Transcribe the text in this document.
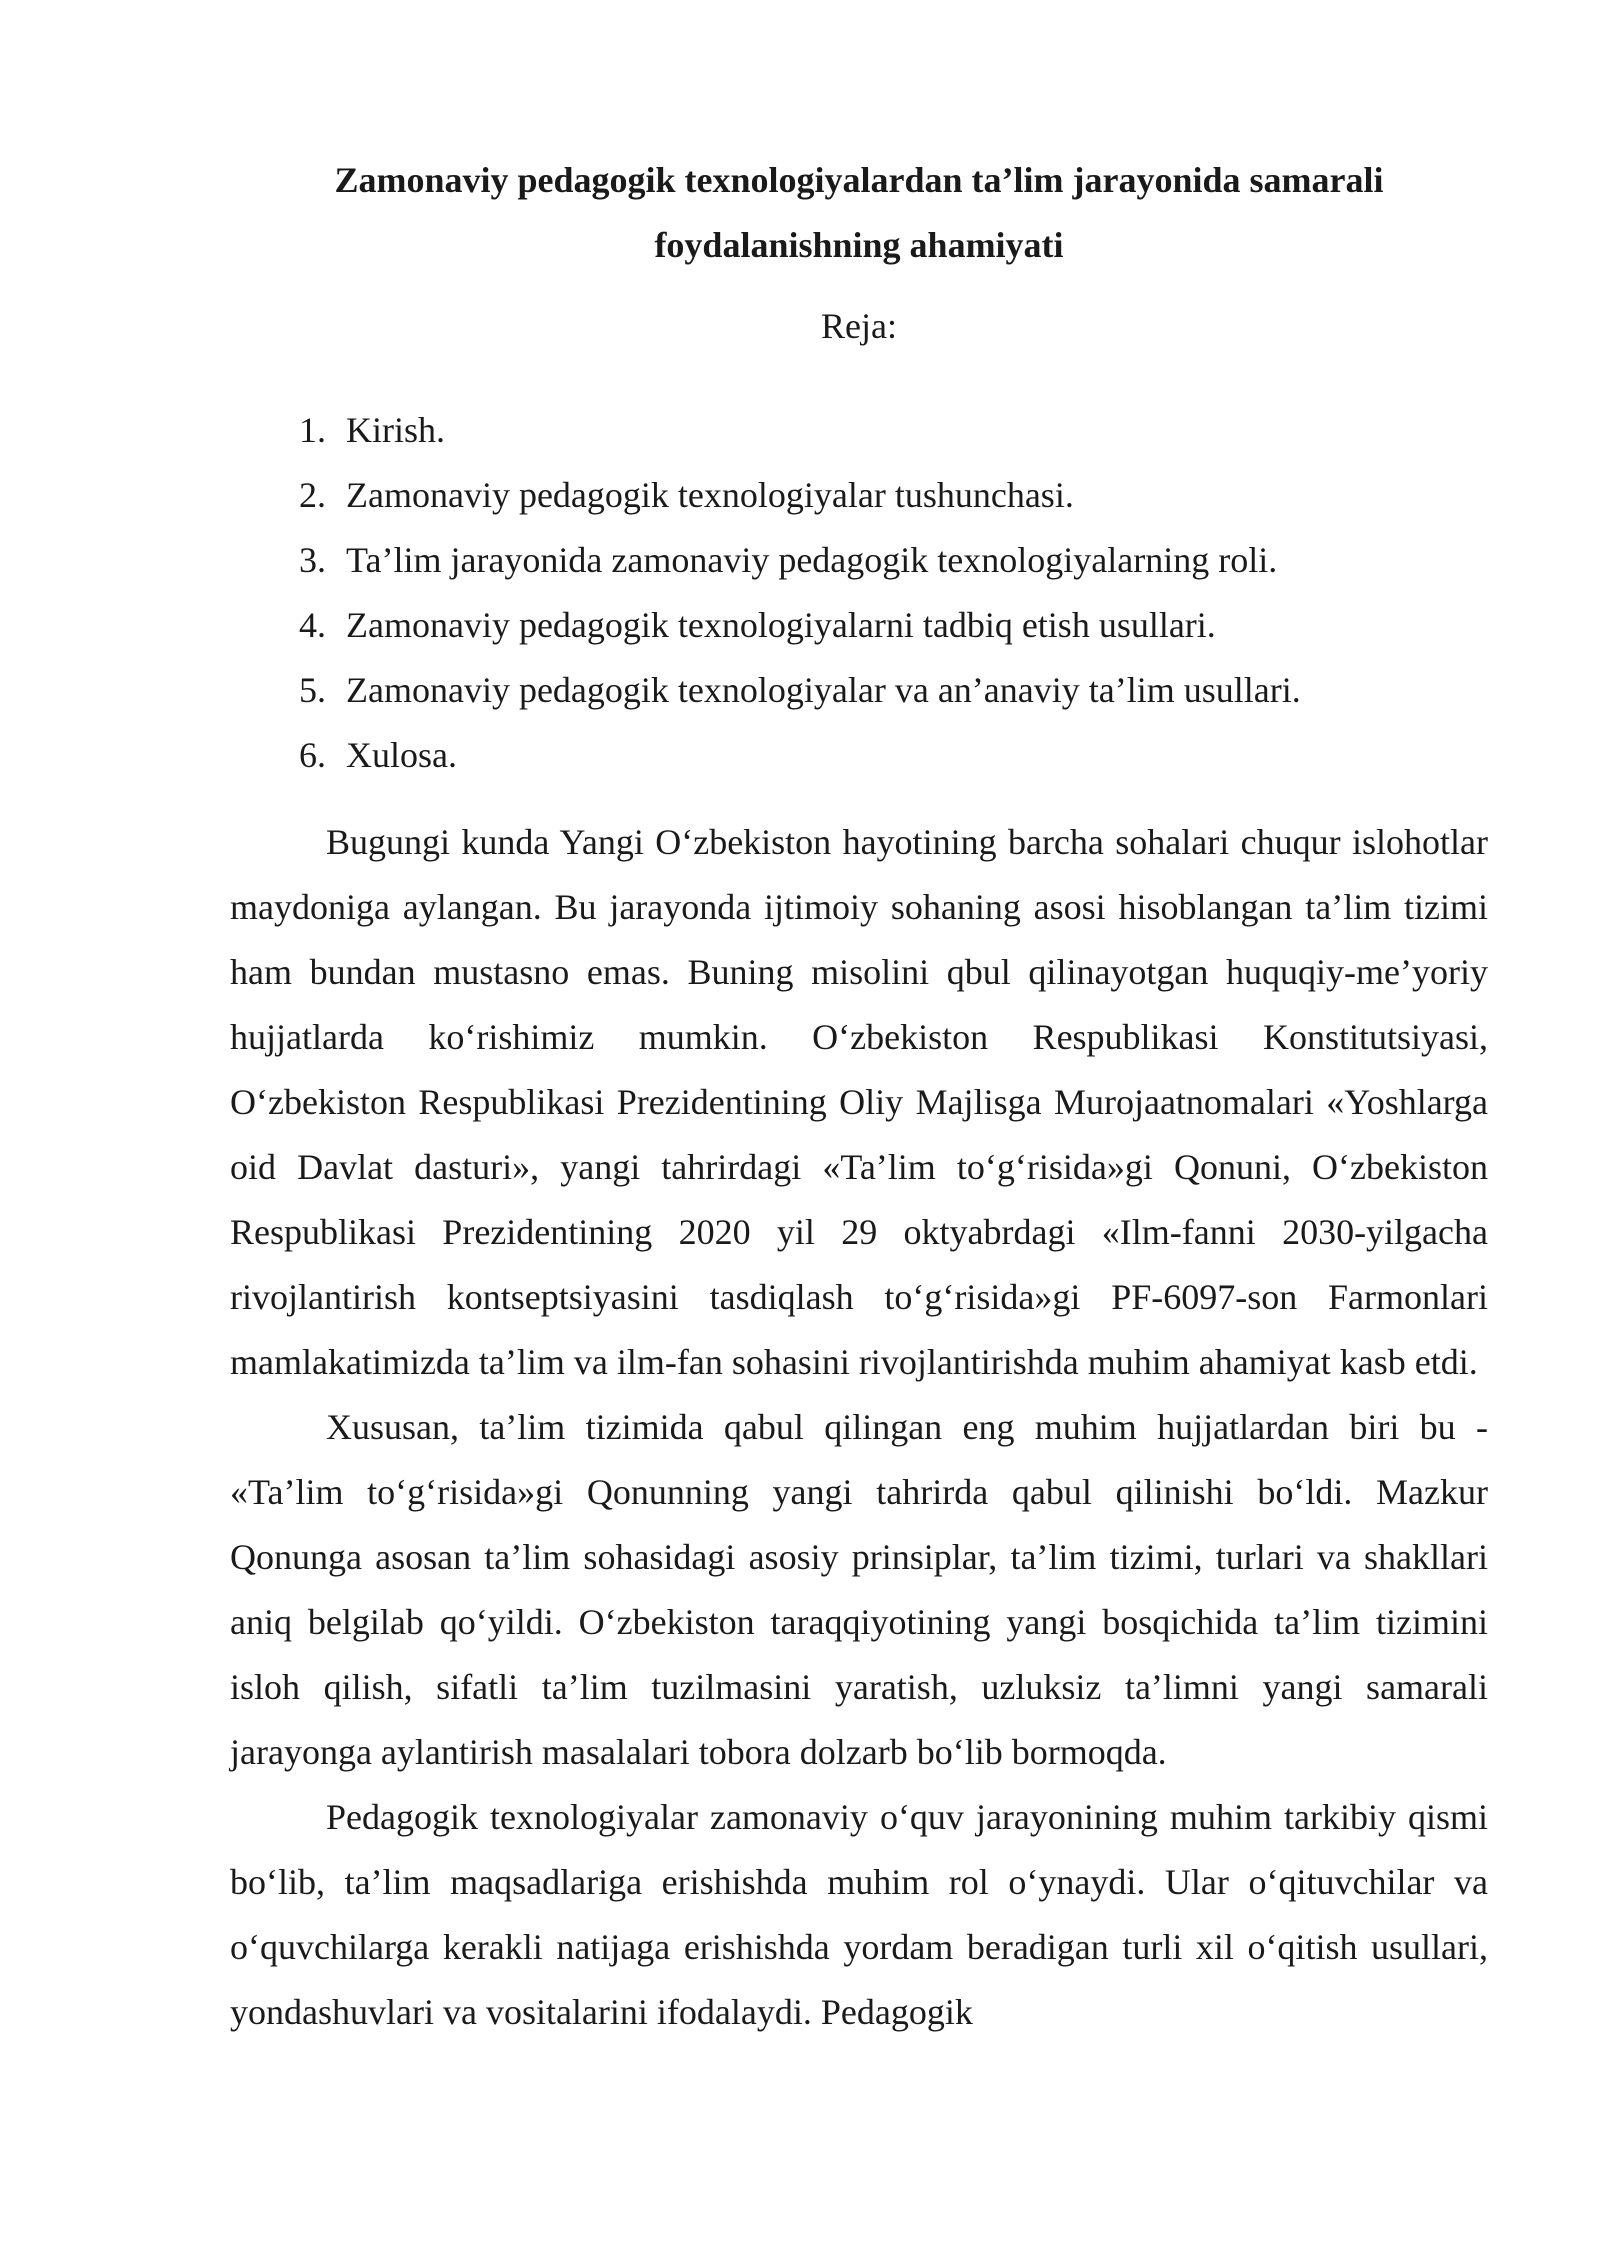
Zamonaviy pedagogik texnologiyalardan ta’lim jarayonida samarali
foydalanishning ahamiyati

Reja:

1. Kirish.
2. Zamonaviy pedagogik texnologiyalar tushunchasi.
3. Ta’lim jarayonida zamonaviy pedagogik texnologiyalarning roli.
4. Zamonaviy pedagogik texnologiyalarni tadbiq etish usullari.
5. Zamonaviy pedagogik texnologiyalar va an’anaviy ta’lim usullari.
6. Xulosa.

Bugungi kunda Yangi O‘zbekiston hayotining barcha sohalari chuqur islohotlar maydoniga aylangan. Bu jarayonda ijtimoiy sohaning asosi hisoblangan ta’lim tizimi ham bundan mustasno emas. Buning misolini qbul qilinayotgan huquqiy-me’yoriy hujjatlarda ko‘rishimiz mumkin. O‘zbekiston Respublikasi Konstitutsiyasi, O‘zbekiston Respublikasi Prezidentining Oliy Majlisga Murojaatnomalari «Yoshlarga oid Davlat dasturi», yangi tahrirdagi «Ta’lim to‘g‘risida»gi Qonuni, O‘zbekiston Respublikasi Prezidentining 2020 yil 29 oktyabrdagi «Ilm-fanni 2030-yilgacha rivojlantirish kontseptsiyasini tasdiqlash to‘g‘risida»gi PF-6097-son Farmonlari mamlakatimizda ta’lim va ilm-fan sohasini rivojlantirishda muhim ahamiyat kasb etdi.

Xususan, ta’lim tizimida qabul qilingan eng muhim hujjatlardan biri bu - «Ta’lim to‘g‘risida»gi Qonunning yangi tahrirda qabul qilinishi bo‘ldi. Mazkur Qonunga asosan ta’lim sohasidagi asosiy prinsiplar, ta’lim tizimi, turlari va shakllari aniq belgilab qo‘yildi. O‘zbekiston taraqqiyotining yangi bosqichida ta’lim tizimini isloh qilish, sifatli ta’lim tuzilmasini yaratish, uzluksiz ta’limni yangi samarali jarayonga aylantirish masalalari tobora dolzarb bo‘lib bormoqda.

Pedagogik texnologiyalar zamonaviy o‘quv jarayonining muhim tarkibiy qismi bo‘lib, ta’lim maqsadlariga erishishda muhim rol o‘ynaydi. Ular o‘qituvchilar va o‘quvchilarga kerakli natijaga erishishda yordam beradigan turli xil o‘qitish usullari, yondashuvlari va vositalarini ifodalaydi. Pedagogik
